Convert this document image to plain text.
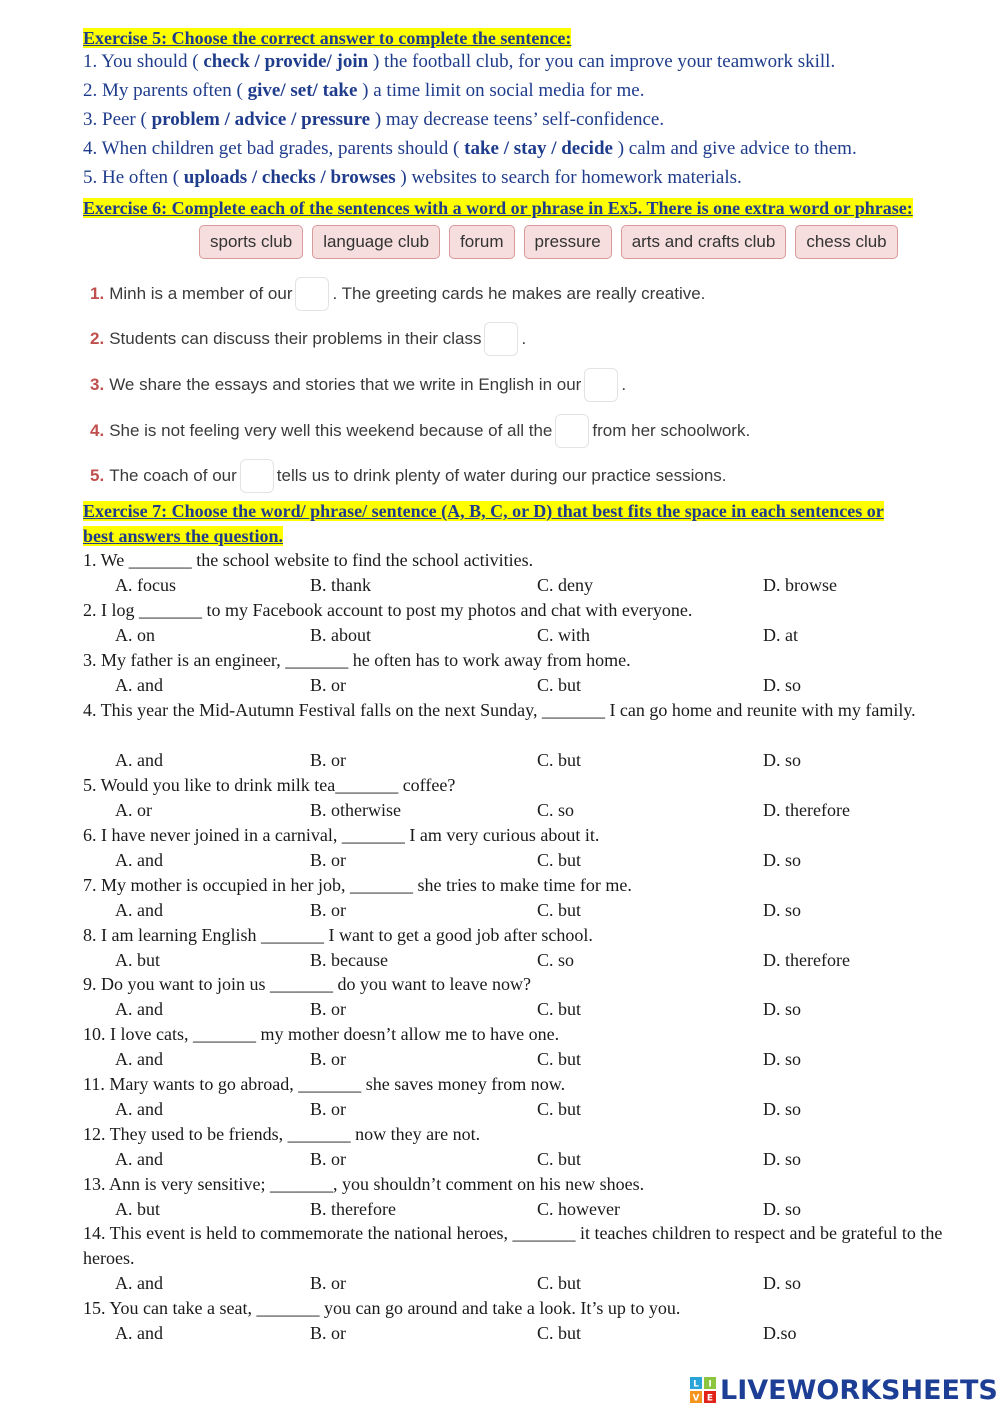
Exercise 5: Choose the correct answer to complete the sentence:
1. You should ( check / provide/ join ) the football club, for you can improve your teamwork skill.
2. My parents often ( give/ set/ take ) a time limit on social media for me.
3. Peer ( problem / advice / pressure ) may decrease teens’ self-confidence.
4. When children get bad grades, parents should ( take / stay / decide ) calm and give advice to them.
5. He often ( uploads / checks / browses ) websites to search for homework materials.
Exercise 6: Complete each of the sentences with a word or phrase in Ex5. There is one extra word or phrase:
sports club	language club	forum	pressure	arts and crafts club	chess club
1. Minh is a member of our . The greeting cards he makes are really creative.
2. Students can discuss their problems in their class .
3. We share the essays and stories that we write in English in our .
4. She is not feeling very well this weekend because of all the from her schoolwork.
5. The coach of our tells us to drink plenty of water during our practice sessions.
Exercise 7: Choose the word/ phrase/ sentence (A, B, C, or D) that best fits the space in each sentences or
best answers the question.
1. We _______ the school website to find the school activities.
A. focus	B. thank	C. deny	D. browse
2. I log _______ to my Facebook account to post my photos and chat with everyone.
A. on	B. about	C. with	D. at
3. My father is an engineer, _______ he often has to work away from home.
A. and	B. or	C. but	D. so
4. This year the Mid-Autumn Festival falls on the next Sunday, _______ I can go home and reunite with my family.
A. and	B. or	C. but	D. so
5. Would you like to drink milk tea_______ coffee?
A. or	B. otherwise	C. so	D. therefore
6. I have never joined in a carnival, _______ I am very curious about it.
A. and	B. or	C. but	D. so
7. My mother is occupied in her job, _______ she tries to make time for me.
A. and	B. or	C. but	D. so
8. I am learning English _______ I want to get a good job after school.
A. but	B. because	C. so	D. therefore
9. Do you want to join us _______ do you want to leave now?
A. and	B. or	C. but	D. so
10. I love cats, _______ my mother doesn’t allow me to have one.
A. and	B. or	C. but	D. so
11. Mary wants to go abroad, _______ she saves money from now.
A. and	B. or	C. but	D. so
12. They used to be friends, _______ now they are not.
A. and	B. or	C. but	D. so
13. Ann is very sensitive; _______, you shouldn’t comment on his new shoes.
A. but	B. therefore	C. however	D. so
14. This event is held to commemorate the national heroes, _______ it teaches children to respect and be grateful to the heroes.
A. and	B. or	C. but	D. so
15. You can take a seat, _______ you can go around and take a look. It’s up to you.
A. and	B. or	C. but	D.so
L I
V E LIVEWORKSHEETS
